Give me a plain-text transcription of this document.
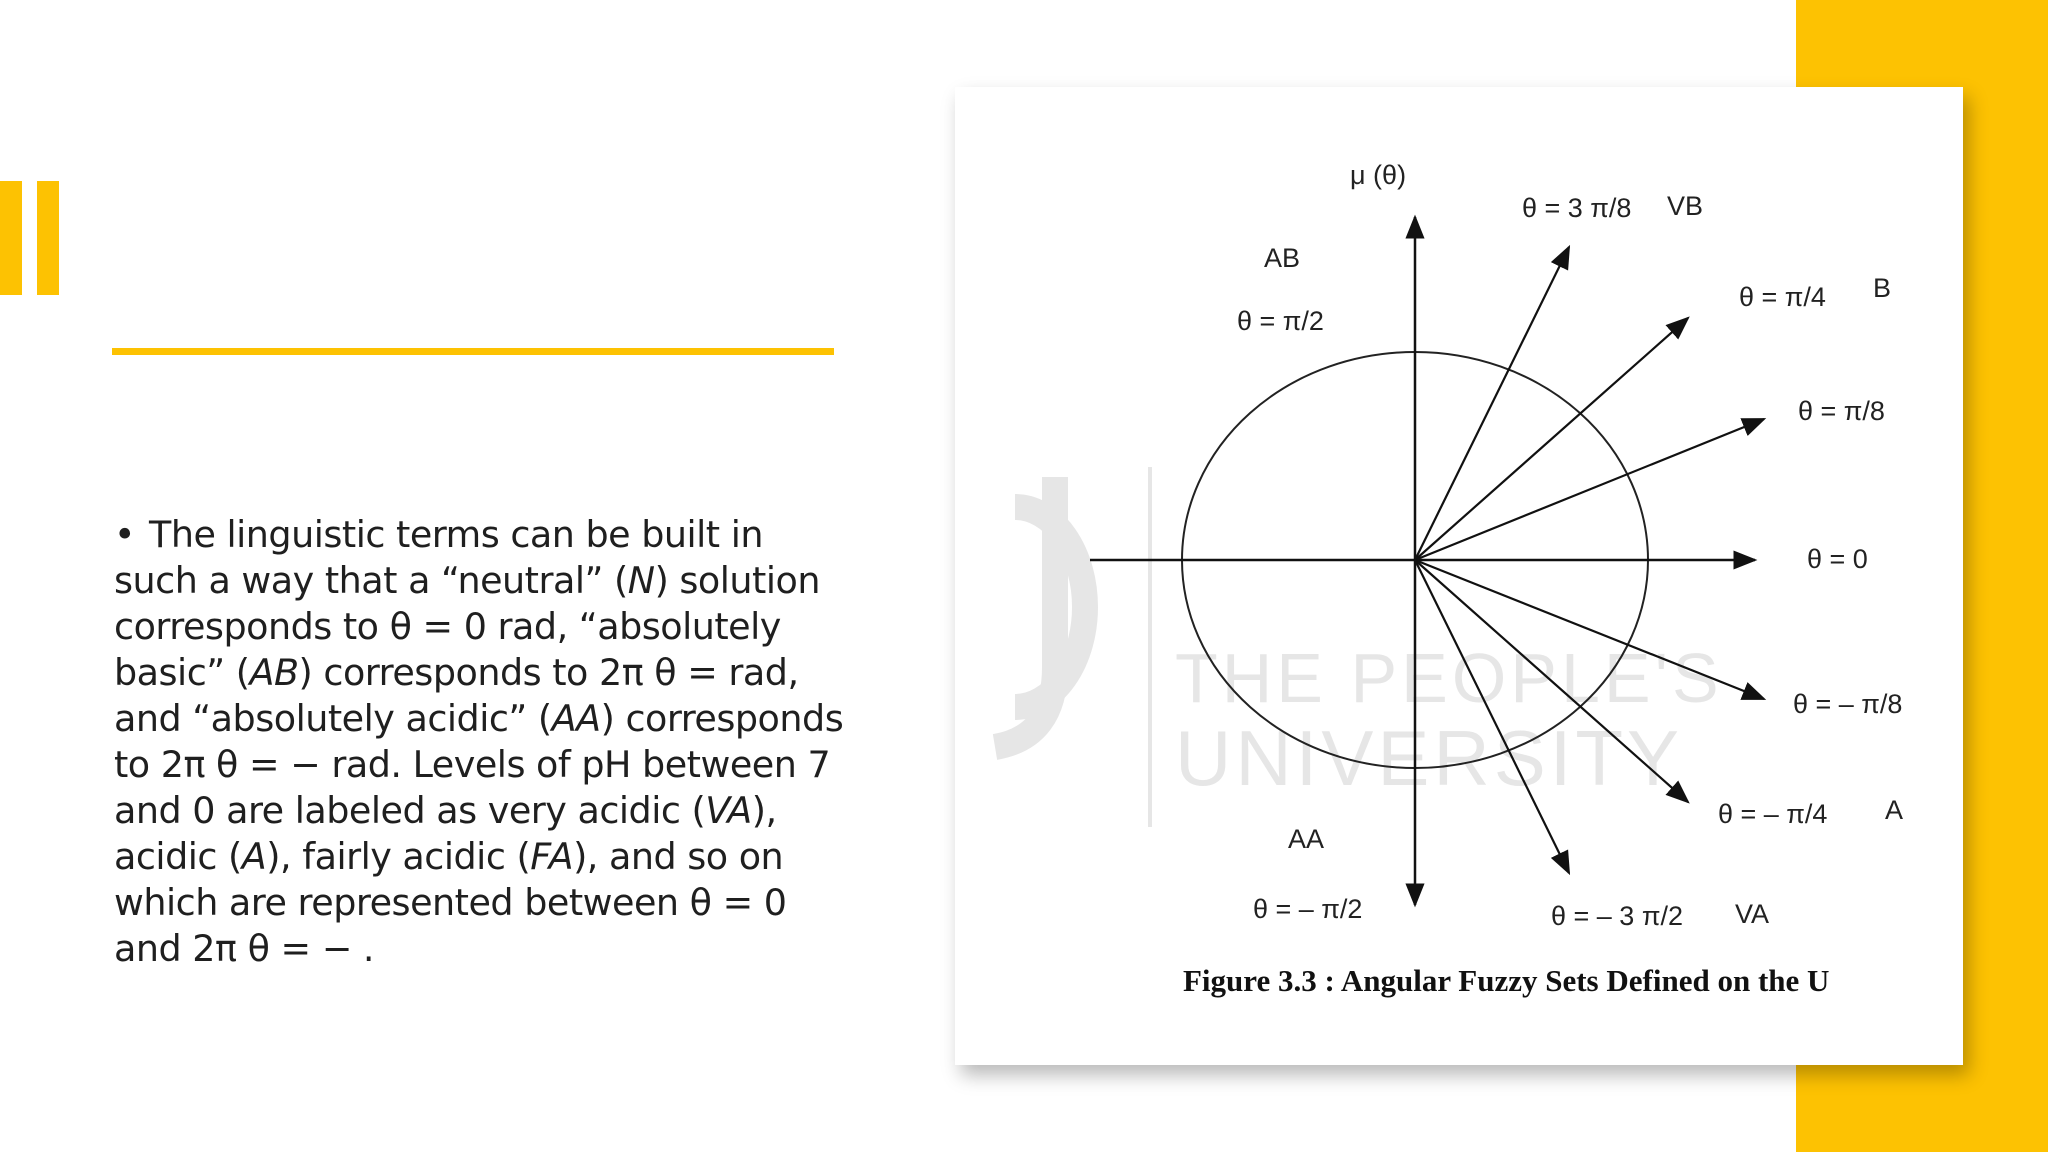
• The linguistic terms can be built in such a way that a “neutral” (N) solution corresponds to θ = 0 rad, “absolutely basic” (AB) corresponds to 2π θ = rad, and “absolutely acidic” (AA) corresponds to 2π θ = − rad. Levels of pH between 7 and 0 are labeled as very acidic (VA), acidic (A), fairly acidic (FA), and so on which are represented between θ = 0 and 2π θ = − .
THE PEOPLE'S
UNIVERSITY
μ (θ)
AB
θ = π/2
θ = 3 π/8 VB
θ = π/4 B
θ = π/8
θ = 0
θ = – π/8
θ = – π/4 A
AA
θ = – π/2	θ = – 3 π/2 VA
Figure 3.3 : Angular Fuzzy Sets Defined on the U
